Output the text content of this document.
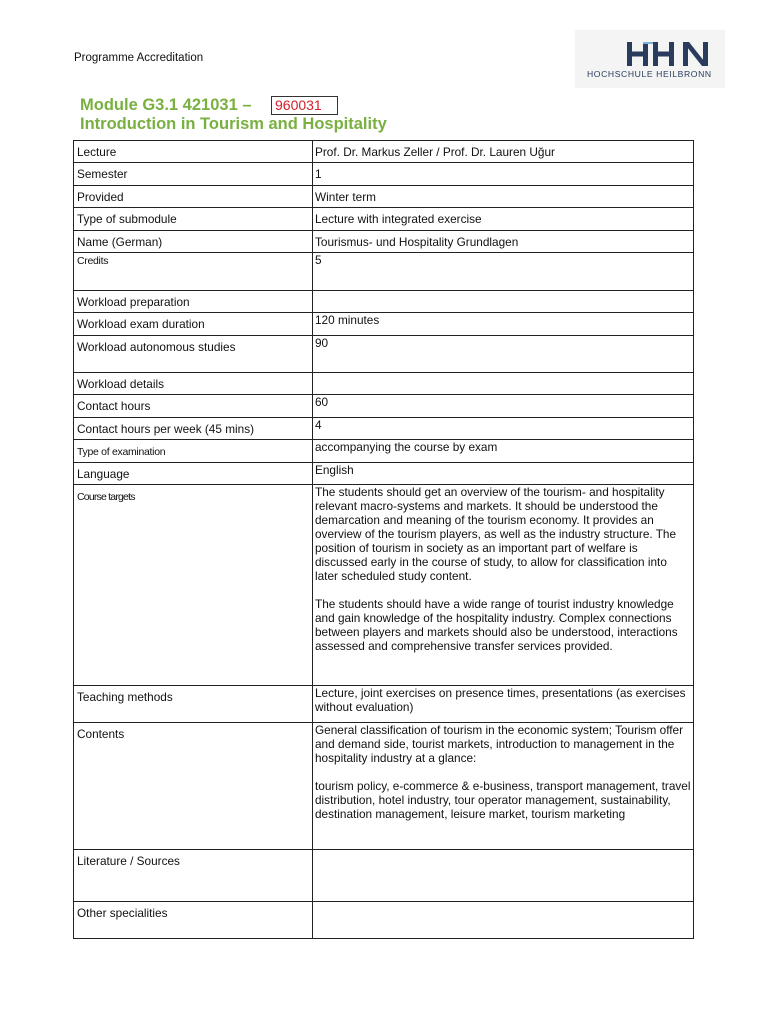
Programme Accreditation
HOCHSCHULE HEILBRONN
Module G3.1 421031 –
Introduction in Tourism and Hospitality
960031
Lecture	Prof. Dr. Markus Zeller / Prof. Dr. Lauren Uğur
Semester	1
Provided	Winter term
Type of submodule	Lecture with integrated exercise
Name (German)	Tourismus- und Hospitality Grundlagen
Credits	5
Workload preparation	
Workload exam duration	120 minutes
Workload autonomous studies	90
Workload details	
Contact hours	60
Contact hours per week (45 mins)	4
Type of examination	accompanying the course by exam
Language	English
Course targets	The students should get an overview of the tourism- and hospitality relevant macro-systems and markets. It should be understood the demarcation and meaning of the tourism economy. It provides an overview of the tourism players, as well as the industry structure. The position of tourism in society as an important part of welfare is discussed early in the course of study, to allow for classification into later scheduled study content.
The students should have a wide range of tourist industry knowledge and gain knowledge of the hospitality industry. Complex connections between players and markets should also be understood, interactions assessed and comprehensive transfer services provided.

Teaching methods	Lecture, joint exercises on presence times, presentations (as exercises without evaluation)
Contents	General classification of tourism in the economic system; Tourism offer and demand side, tourist markets, introduction to management in the hospitality industry at a glance:
tourism policy, e-commerce & e-business, transport management, travel distribution, hotel industry, tour operator management, sustainability, destination management, leisure market, tourism marketing

Literature / Sources	
Other specialities	
